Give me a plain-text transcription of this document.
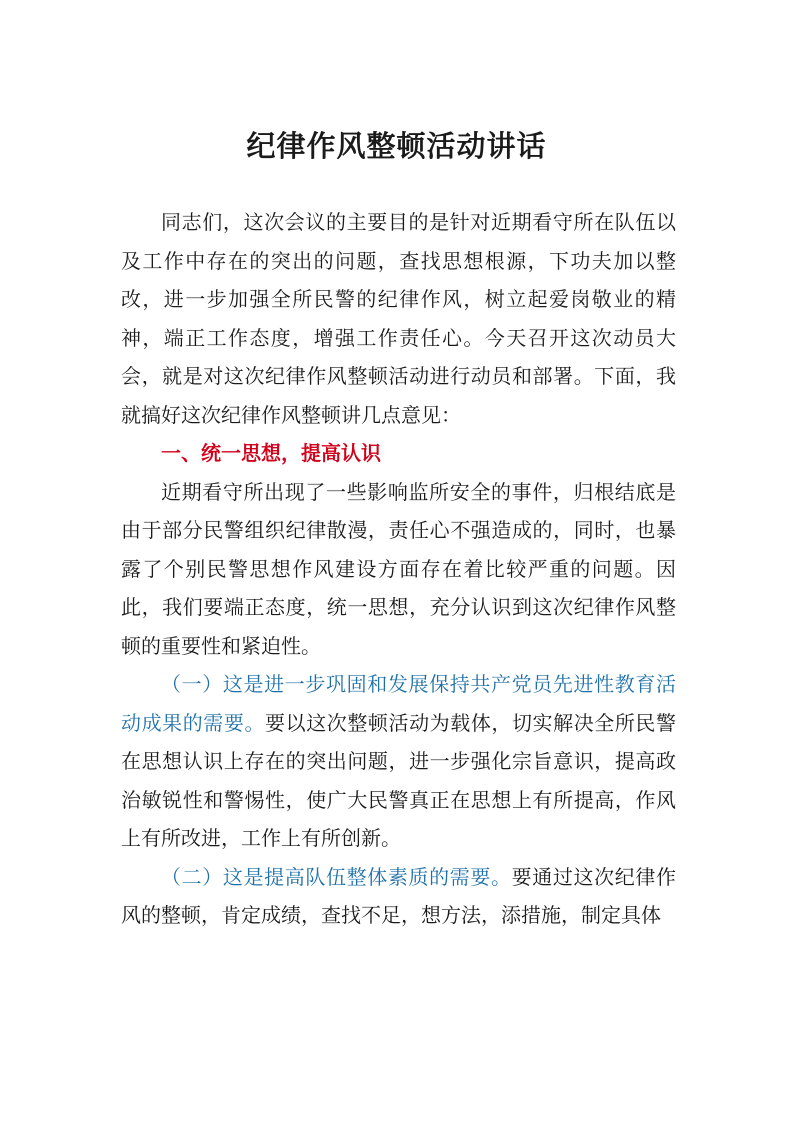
纪律作风整顿活动讲话

同志们，这次会议的主要目的是针对近期看守所在队伍以及工作中存在的突出的问题，查找思想根源，下功夫加以整改，进一步加强全所民警的纪律作风，树立起爱岗敬业的精神，端正工作态度，增强工作责任心。今天召开这次动员大会，就是对这次纪律作风整顿活动进行动员和部署。下面，我就搞好这次纪律作风整顿讲几点意见：

一、统一思想，提高认识

近期看守所出现了一些影响监所安全的事件，归根结底是由于部分民警组织纪律散漫，责任心不强造成的，同时，也暴露了个别民警思想作风建设方面存在着比较严重的问题。因此，我们要端正态度，统一思想，充分认识到这次纪律作风整顿的重要性和紧迫性。

（一）这是进一步巩固和发展保持共产党员先进性教育活动成果的需要。要以这次整顿活动为载体，切实解决全所民警在思想认识上存在的突出问题，进一步强化宗旨意识，提高政治敏锐性和警惕性，使广大民警真正在思想上有所提高，作风上有所改进，工作上有所创新。

（二）这是提高队伍整体素质的需要。要通过这次纪律作风的整顿，肯定成绩，查找不足，想方法，添措施，制定具体
